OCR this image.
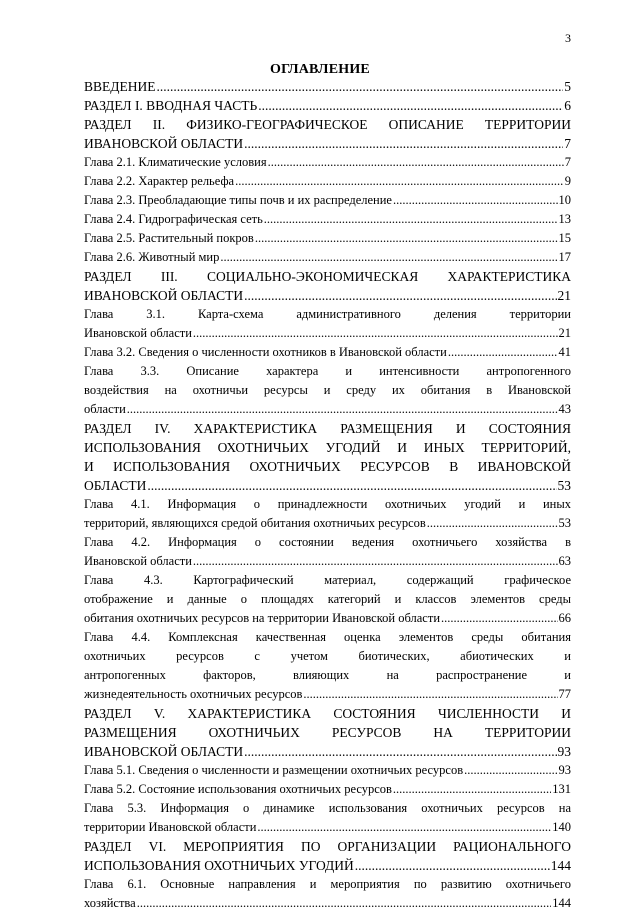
3
ОГЛАВЛЕНИЕ
ВВЕДЕНИЕ .....	5
РАЗДЕЛ I. ВВОДНАЯ ЧАСТЬ .....	6
РАЗДЕЛ II. ФИЗИКО-ГЕОГРАФИЧЕСКОЕ ОПИСАНИЕ ТЕРРИТОРИИ
ИВАНОВСКОЙ ОБЛАСТИ .....	7
Глава 2.1. Климатические условия .....	7
Глава 2.2. Характер рельефа .....	9
Глава 2.3. Преобладающие типы почв и их распределение .....	10
Глава 2.4. Гидрографическая сеть .....	13
Глава 2.5. Растительный покров .....	15
Глава 2.6. Животный мир .....	17
РАЗДЕЛ III. СОЦИАЛЬНО-ЭКОНОМИЧЕСКАЯ ХАРАКТЕРИСТИКА
ИВАНОВСКОЙ ОБЛАСТИ .....	21
Глава 3.1. Карта-схема административного деления территории
Ивановской области .....	21
Глава 3.2. Сведения о численности охотников в Ивановской области .....	41
Глава 3.3. Описание характера и интенсивности антропогенного
воздействия на охотничьи ресурсы и среду их обитания в Ивановской
области .....	43
РАЗДЕЛ IV. ХАРАКТЕРИСТИКА РАЗМЕЩЕНИЯ И СОСТОЯНИЯ
ИСПОЛЬЗОВАНИЯ ОХОТНИЧЬИХ УГОДИЙ И ИНЫХ ТЕРРИТОРИЙ,
И ИСПОЛЬЗОВАНИЯ ОХОТНИЧЬИХ РЕСУРСОВ В ИВАНОВСКОЙ
ОБЛАСТИ .....	53
Глава 4.1. Информация о принадлежности охотничьих угодий и иных
территорий, являющихся средой обитания охотничьих ресурсов .....	53
Глава 4.2. Информация о состоянии ведения охотничьего хозяйства в
Ивановской области .....	63
Глава 4.3. Картографический материал, содержащий графическое
отображение и данные о площадях категорий и классов элементов среды
обитания охотничьих ресурсов на территории Ивановской области .....	66
Глава 4.4. Комплексная качественная оценка элементов среды обитания
охотничьих ресурсов с учетом биотических, абиотических и
антропогенных факторов, влияющих на распространение и
жизнедеятельность охотничьих ресурсов .....	77
РАЗДЕЛ V. ХАРАКТЕРИСТИКА СОСТОЯНИЯ ЧИСЛЕННОСТИ И
РАЗМЕЩЕНИЯ ОХОТНИЧЬИХ РЕСУРСОВ НА ТЕРРИТОРИИ
ИВАНОВСКОЙ ОБЛАСТИ .....	93
Глава 5.1. Сведения о численности и размещении охотничьих ресурсов .....	93
Глава 5.2. Состояние использования охотничьих ресурсов .....	131
Глава 5.3. Информация о динамике использования охотничьих ресурсов на
территории Ивановской области .....	140
РАЗДЕЛ VI. МЕРОПРИЯТИЯ ПО ОРГАНИЗАЦИИ РАЦИОНАЛЬНОГО
ИСПОЛЬЗОВАНИЯ ОХОТНИЧЬИХ УГОДИЙ .....	144
Глава 6.1. Основные направления и мероприятия по развитию охотничьего
хозяйства .....	144
